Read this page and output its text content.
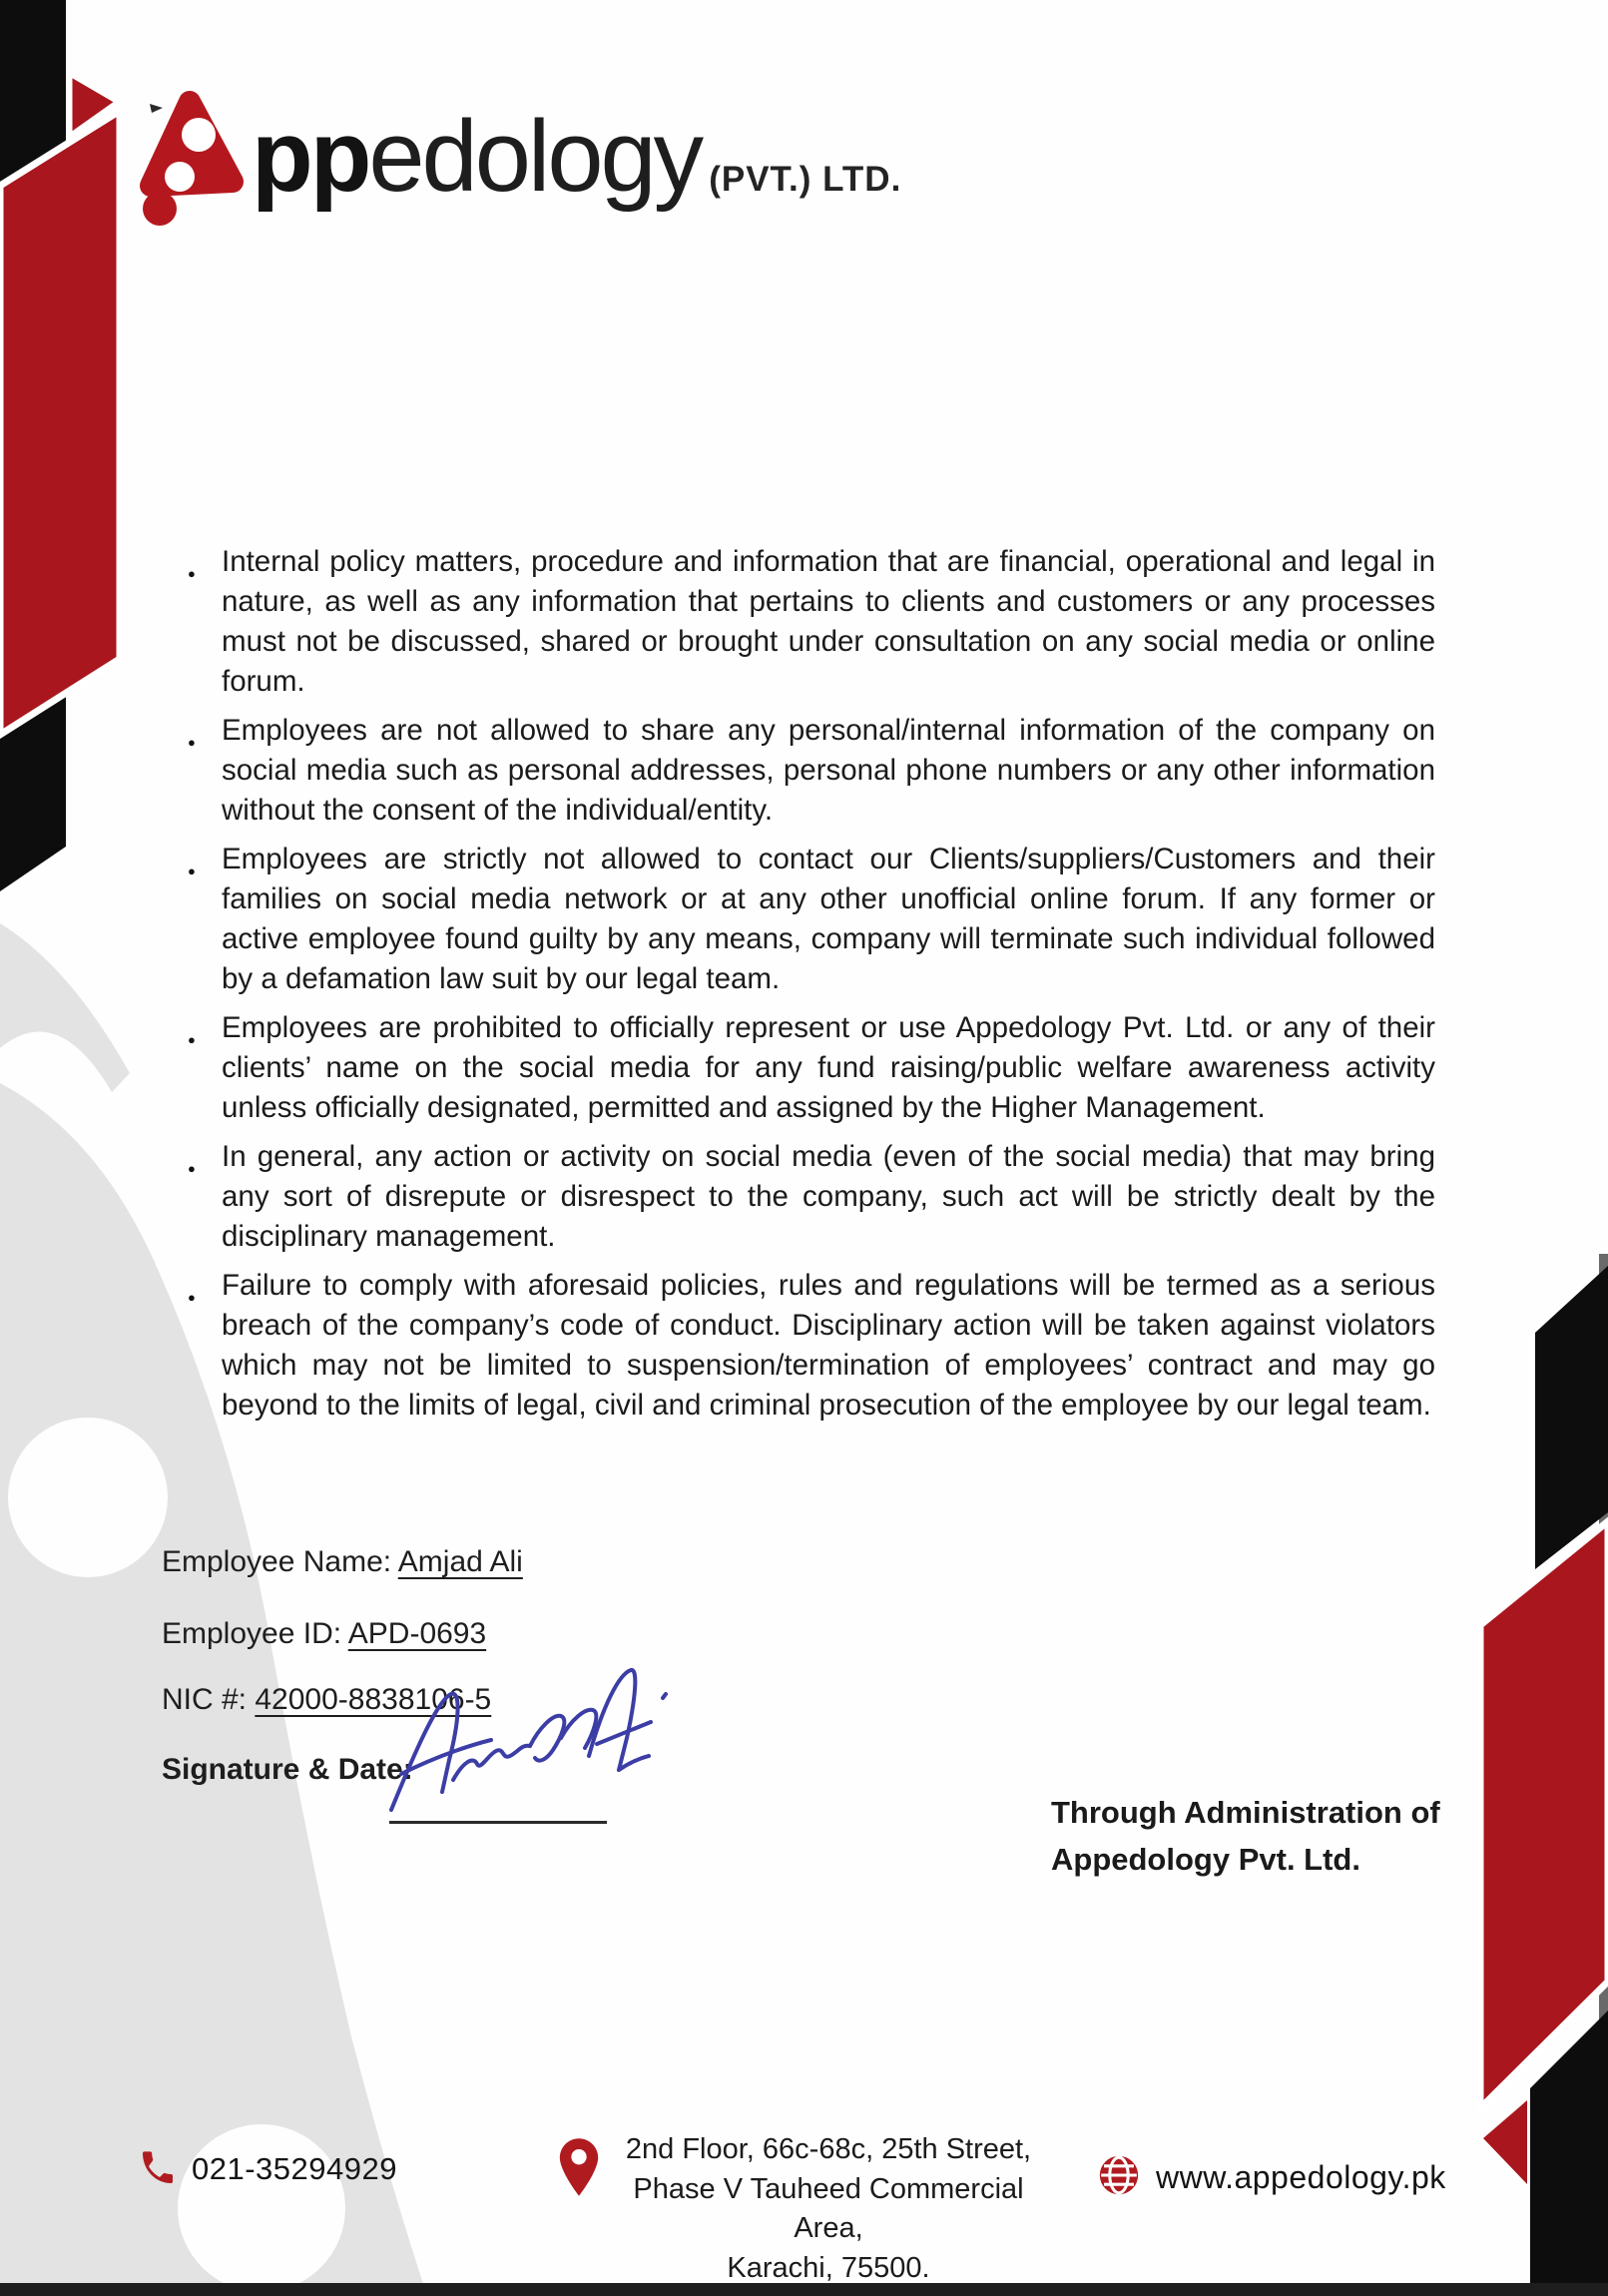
pp edology (PVT.) LTD.
● Internal policy matters, procedure and information that are financial, operational and legal in nature, as well as any information that pertains to clients and customers or any processes must not be discussed, shared or brought under consultation on any social media or online forum.
● Employees are not allowed to share any personal/internal information of the company on social media such as personal addresses, personal phone numbers or any other information without the consent of the individual/entity.
● Employees are strictly not allowed to contact our Clients/suppliers/Customers and their families on social media network or at any other unofficial online forum. If any former or active employee found guilty by any means, company will terminate such individual followed by a defamation law suit by our legal team.
● Employees are prohibited to officially represent or use Appedology Pvt. Ltd. or any of their clients’ name on the social media for any fund raising/public welfare awareness activity unless officially designated, permitted and assigned by the Higher Management.
● In general, any action or activity on social media (even of the social media) that may bring any sort of disrepute or disrespect to the company, such act will be strictly dealt by the disciplinary management.
● Failure to comply with aforesaid policies, rules and regulations will be termed as a serious breach of the company’s code of conduct. Disciplinary action will be taken against violators which may not be limited to suspension/termination of employees’ contract and may go beyond to the limits of legal, civil and criminal prosecution of the employee by our legal team.
Employee Name: Amjad Ali
Employee ID: APD-0693
NIC #: 42000-8838106-5
Signature & Date:
Through Administration of
Appedology Pvt. Ltd.
021-35294929
2nd Floor, 66c-68c, 25th Street,
Phase V Tauheed Commercial Area,
Karachi, 75500.
www.appedology.pk
